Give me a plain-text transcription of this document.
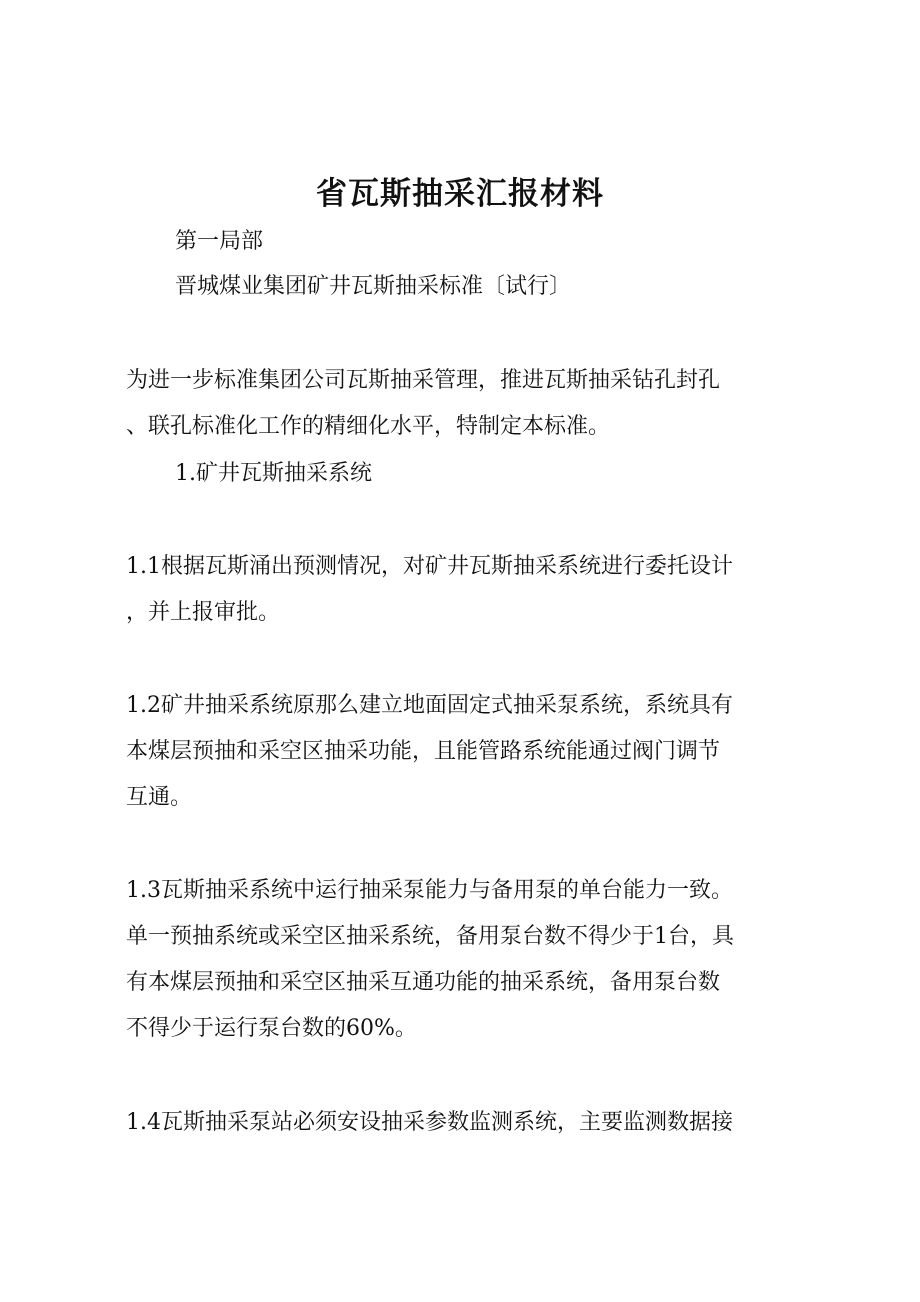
省瓦斯抽采汇报材料
第一局部
晋城煤业集团矿井瓦斯抽采标准〔试行〕
为进一步标准集团公司瓦斯抽采管理，推进瓦斯抽采钻孔封孔
、联孔标准化工作的精细化水平，特制定本标准。
1.矿井瓦斯抽采系统
1.1根据瓦斯涌出预测情况，对矿井瓦斯抽采系统进行委托设计
，并上报审批。
1.2矿井抽采系统原那么建立地面固定式抽采泵系统，系统具有
本煤层预抽和采空区抽采功能，且能管路系统能通过阀门调节
互通。
1.3瓦斯抽采系统中运行抽采泵能力与备用泵的单台能力一致。
单一预抽系统或采空区抽采系统，备用泵台数不得少于1台，具
有本煤层预抽和采空区抽采互通功能的抽采系统，备用泵台数
不得少于运行泵台数的60%。
1.4瓦斯抽采泵站必须安设抽采参数监测系统，主要监测数据接
